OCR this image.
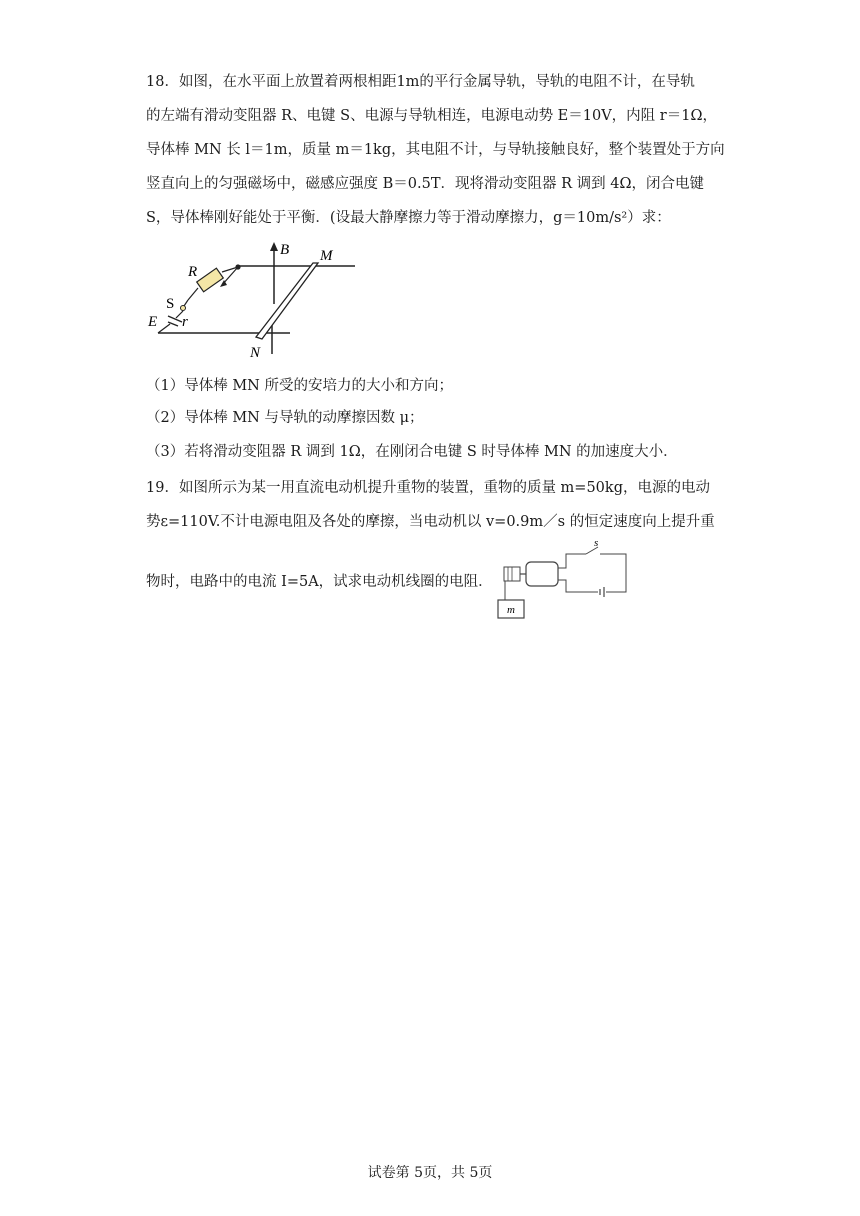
18．如图，在水平面上放置着两根相距1m的平行金属导轨，导轨的电阻不计，在导轨
的左端有滑动变阻器 R、电键 S、电源与导轨相连，电源电动势 E＝10V，内阻 r＝1Ω，
导体棒 MN 长 l＝1m，质量 m＝1kg，其电阻不计，与导轨接触良好，整个装置处于方向
竖直向上的匀强磁场中，磁感应强度 B＝0.5T．现将滑动变阻器 R 调到 4Ω，闭合电键
S，导体棒刚好能处于平衡．(设最大静摩擦力等于滑动摩擦力，g＝10m/s²）求：
B M
N
R
S
E r
（1）导体棒 MN 所受的安培力的大小和方向；
（2）导体棒 MN 与导轨的动摩擦因数 μ；
（3）若将滑动变阻器 R 调到 1Ω，在刚闭合电键 S 时导体棒 MN 的加速度大小．
19．如图所示为某一用直流电动机提升重物的装置，重物的质量 m=50kg，电源的电动
势ε=110V.不计电源电阻及各处的摩擦，当电动机以 v=0.9m／s 的恒定速度向上提升重
物时，电路中的电流 I=5A，试求电动机线圈的电阻．
m
s
试卷第 5页，共 5页
